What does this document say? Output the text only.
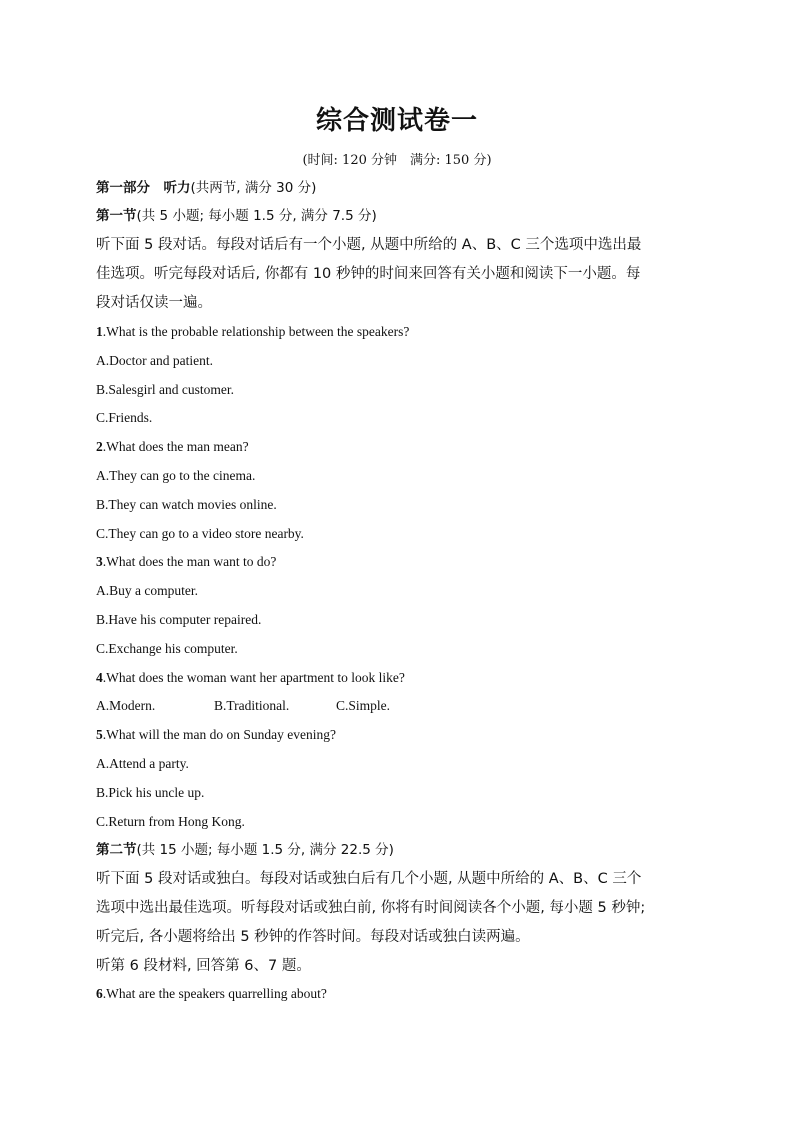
综合测试卷一
(时间: 120 分钟　满分: 150 分)
第一部分　听力(共两节, 满分 30 分)
第一节(共 5 小题; 每小题 1.5 分, 满分 7.5 分)
听下面 5 段对话。每段对话后有一个小题, 从题中所给的 A、B、C 三个选项中选出最
佳选项。听完每段对话后, 你都有 10 秒钟的时间来回答有关小题和阅读下一小题。每
段对话仅读一遍。
1.What is the probable relationship between the speakers?
A.Doctor and patient.
B.Salesgirl and customer.
C.Friends.
2.What does the man mean?
A.They can go to the cinema.
B.They can watch movies online.
C.They can go to a video store nearby.
3.What does the man want to do?
A.Buy a computer.
B.Have his computer repaired.
C.Exchange his computer.
4.What does the woman want her apartment to look like?
A.Modern.	B.Traditional.	C.Simple.
5.What will the man do on Sunday evening?
A.Attend a party.
B.Pick his uncle up.
C.Return from Hong Kong.
第二节(共 15 小题; 每小题 1.5 分, 满分 22.5 分)
听下面 5 段对话或独白。每段对话或独白后有几个小题, 从题中所给的 A、B、C 三个
选项中选出最佳选项。听每段对话或独白前, 你将有时间阅读各个小题, 每小题 5 秒钟;
听完后, 各小题将给出 5 秒钟的作答时间。每段对话或独白读两遍。
听第 6 段材料, 回答第 6、7 题。
6.What are the speakers quarrelling about?
